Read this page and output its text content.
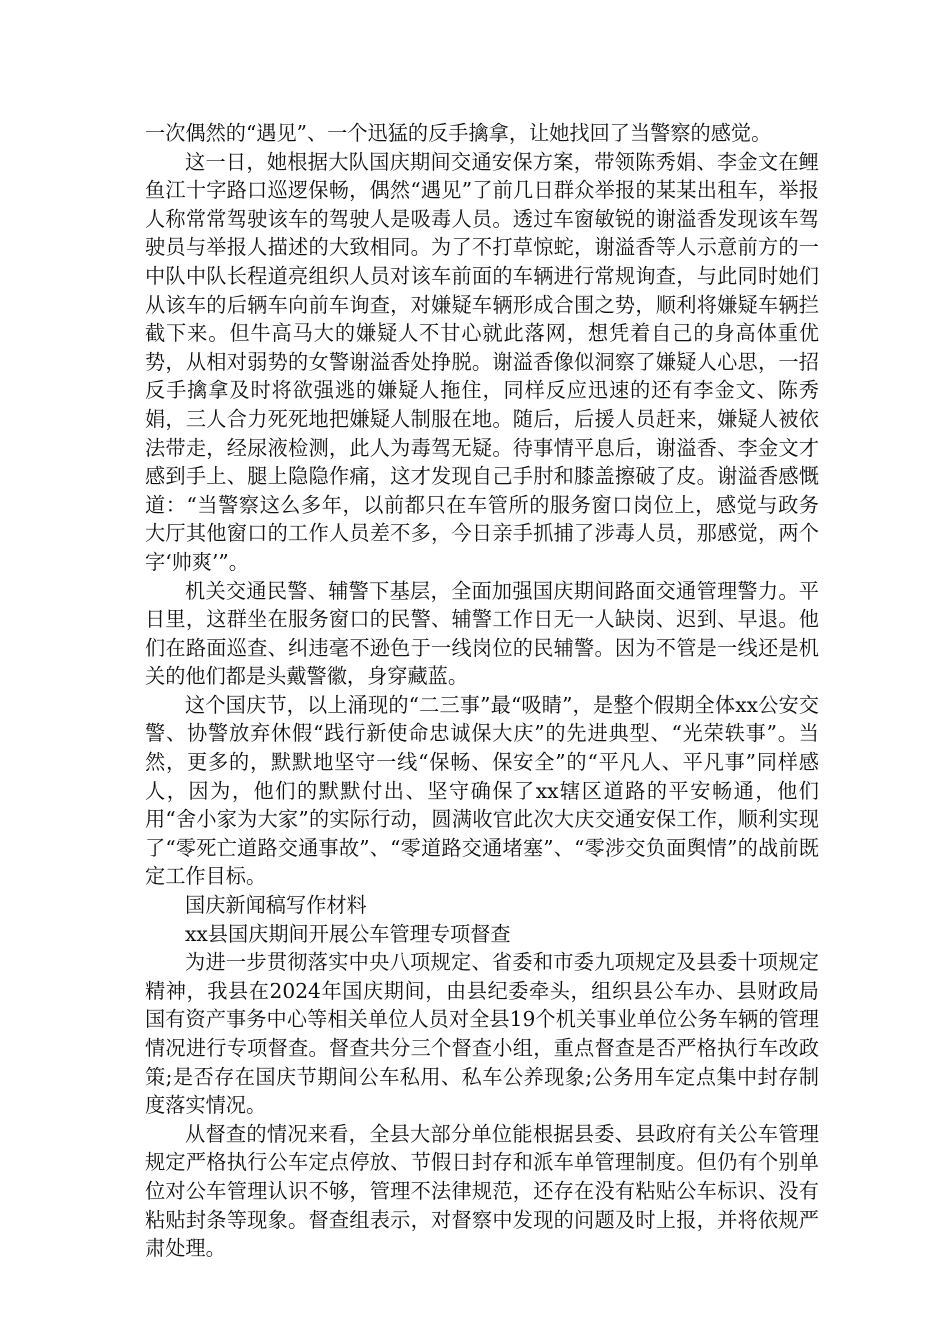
一次偶然的“遇见”、一个迅猛的反手擒拿，让她找回了当警察的感觉。

这一日，她根据大队国庆期间交通安保方案，带领陈秀娟、李金文在鲤鱼江十字路口巡逻保畅，偶然“遇见”了前几日群众举报的某某出租车，举报人称常常驾驶该车的驾驶人是吸毒人员。透过车窗敏锐的谢溢香发现该车驾驶员与举报人描述的大致相同。为了不打草惊蛇，谢溢香等人示意前方的一中队中队长程道亮组织人员对该车前面的车辆进行常规询查，与此同时她们从该车的后辆车向前车询查，对嫌疑车辆形成合围之势，顺利将嫌疑车辆拦截下来。但牛高马大的嫌疑人不甘心就此落网，想凭着自己的身高体重优势，从相对弱势的女警谢溢香处挣脱。谢溢香像似洞察了嫌疑人心思，一招反手擒拿及时将欲强逃的嫌疑人拖住，同样反应迅速的还有李金文、陈秀娟，三人合力死死地把嫌疑人制服在地。随后，后援人员赶来，嫌疑人被依法带走，经尿液检测，此人为毒驾无疑。待事情平息后，谢溢香、李金文才感到手上、腿上隐隐作痛，这才发现自己手肘和膝盖擦破了皮。谢溢香感慨道：“当警察这么多年，以前都只在车管所的服务窗口岗位上，感觉与政务大厅其他窗口的工作人员差不多，今日亲手抓捕了涉毒人员，那感觉，两个字‘帅爽’”。

机关交通民警、辅警下基层，全面加强国庆期间路面交通管理警力。平日里，这群坐在服务窗口的民警、辅警工作日无一人缺岗、迟到、早退。他们在路面巡查、纠违毫不逊色于一线岗位的民辅警。因为不管是一线还是机关的他们都是头戴警徽，身穿藏蓝。

这个国庆节，以上涌现的“二三事”最“吸睛”，是整个假期全体xx公安交警、协警放弃休假“践行新使命忠诚保大庆”的先进典型、“光荣轶事”。当然，更多的，默默地坚守一线“保畅、保安全”的“平凡人、平凡事”同样感人，因为，他们的默默付出、坚守确保了xx辖区道路的平安畅通，他们用“舍小家为大家”的实际行动，圆满收官此次大庆交通安保工作，顺利实现了“零死亡道路交通事故”、“零道路交通堵塞”、“零涉交负面舆情”的战前既定工作目标。

国庆新闻稿写作材料

xx县国庆期间开展公车管理专项督查

为进一步贯彻落实中央八项规定、省委和市委九项规定及县委十项规定精神，我县在2024年国庆期间，由县纪委牵头，组织县公车办、县财政局国有资产事务中心等相关单位人员对全县19个机关事业单位公务车辆的管理情况进行专项督查。督查共分三个督查小组，重点督查是否严格执行车改政策;是否存在国庆节期间公车私用、私车公养现象;公务用车定点集中封存制度落实情况。

从督查的情况来看，全县大部分单位能根据县委、县政府有关公车管理规定严格执行公车定点停放、节假日封存和派车单管理制度。但仍有个别单位对公车管理认识不够，管理不法律规范，还存在没有粘贴公车标识、没有粘贴封条等现象。督查组表示，对督察中发现的问题及时上报，并将依规严肃处理。
